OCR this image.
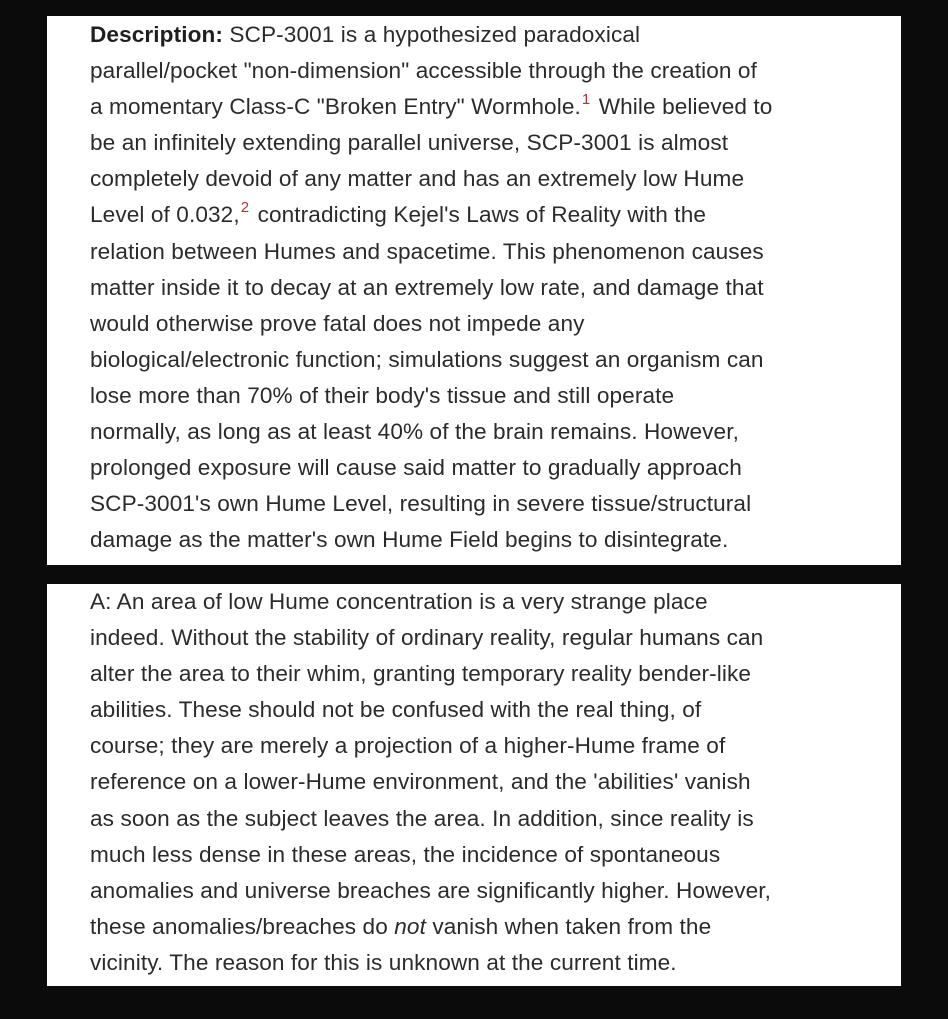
Description: SCP-3001 is a hypothesized paradoxical
parallel/pocket "non-dimension" accessible through the creation of
a momentary Class-C "Broken Entry" Wormhole.$^1$ While believed to
be an infinitely extending parallel universe, SCP-3001 is almost
completely devoid of any matter and has an extremely low Hume
Level of 0.032,$^2$ contradicting Kejel's Laws of Reality with the
relation between Humes and spacetime. This phenomenon causes
matter inside it to decay at an extremely low rate, and damage that
would otherwise prove fatal does not impede any
biological/electronic function; simulations suggest an organism can
lose more than 70% of their body's tissue and still operate
normally, as long as at least 40% of the brain remains. However,
prolonged exposure will cause said matter to gradually approach
SCP-3001's own Hume Level, resulting in severe tissue/structural
damage as the matter's own Hume Field begins to disintegrate.

A: An area of low Hume concentration is a very strange place
indeed. Without the stability of ordinary reality, regular humans can
alter the area to their whim, granting temporary reality bender-like
abilities. These should not be confused with the real thing, of
course; they are merely a projection of a higher-Hume frame of
reference on a lower-Hume environment, and the 'abilities' vanish
as soon as the subject leaves the area. In addition, since reality is
much less dense in these areas, the incidence of spontaneous
anomalies and universe breaches are significantly higher. However,
these anomalies/breaches do not vanish when taken from the
vicinity. The reason for this is unknown at the current time.
